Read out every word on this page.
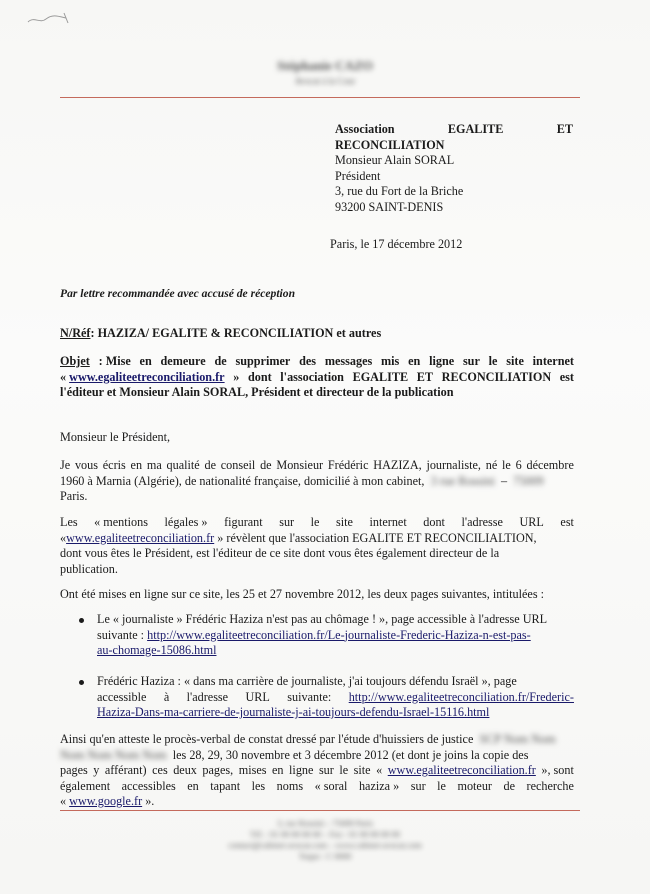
Stéphanie CAZO
Avocat à la Cour
Association	EGALITE	ET
RECONCILIATION
Monsieur Alain SORAL
Président
3, rue du Fort de la Briche
93200 SAINT-DENIS
Paris, le 17 décembre 2012
Par lettre recommandée avec accusé de réception
N/Réf: HAZIZA/ EGALITE & RECONCILIATION et autres
Objet : Mise en demeure de supprimer des messages mis en ligne sur le site internet
« www.egaliteetreconciliation.fr » dont l'association EGALITE ET RECONCILIATION est
l'éditeur et Monsieur Alain SORAL, Président et directeur de la publication
Monsieur le Président,
Je vous écris en ma qualité de conseil de Monsieur Frédéric HAZIZA, journaliste, né le 6 décembre
1960 à Marnia (Algérie), de nationalité française, domicilié à mon cabinet, 3 rue Rossini – 75009
Paris.
Les « mentions légales » figurant sur le site internet dont l'adresse URL est
«www.egaliteetreconciliation.fr » révèlent que l'association EGALITE ET RECONCILIALTION,
dont vous êtes le Président, est l'éditeur de ce site dont vous êtes également directeur de la
publication.
Ont été mises en ligne sur ce site, les 25 et 27 novembre 2012, les deux pages suivantes, intitulées :
Le « journaliste » Frédéric Haziza n'est pas au chômage ! », page accessible à l'adresse URL
suivante : http://www.egaliteetreconciliation.fr/Le-journaliste-Frederic-Haziza-n-est-pas-
au-chomage-15086.html
Frédéric Haziza : « dans ma carrière de journaliste, j'ai toujours défendu Israël », page
accessible à l'adresse URL suivante: http://www.egaliteetreconciliation.fr/Frederic-
Haziza-Dans-ma-carriere-de-journaliste-j-ai-toujours-defendu-Israel-15116.html
Ainsi qu'en atteste le procès-verbal de constat dressé par l'étude d'huissiers de justice SCP Nom Nom
Nom Nom Nom Nom les 28, 29, 30 novembre et 3 décembre 2012 (et dont je joins la copie des
pages y afférant) ces deux pages, mises en ligne sur le site « www.egaliteetreconciliation.fr », sont
également accessibles en tapant les noms « soral haziza » sur le moteur de recherche
« www.google.fr ».
3, rue Rossini – 75009 Paris
Tél. : 01 00 00 00 00 – Fax : 01 00 00 00 00
contact@cabinet-avocat.com – www.cabinet-avocat.com
Toque : C 0000
